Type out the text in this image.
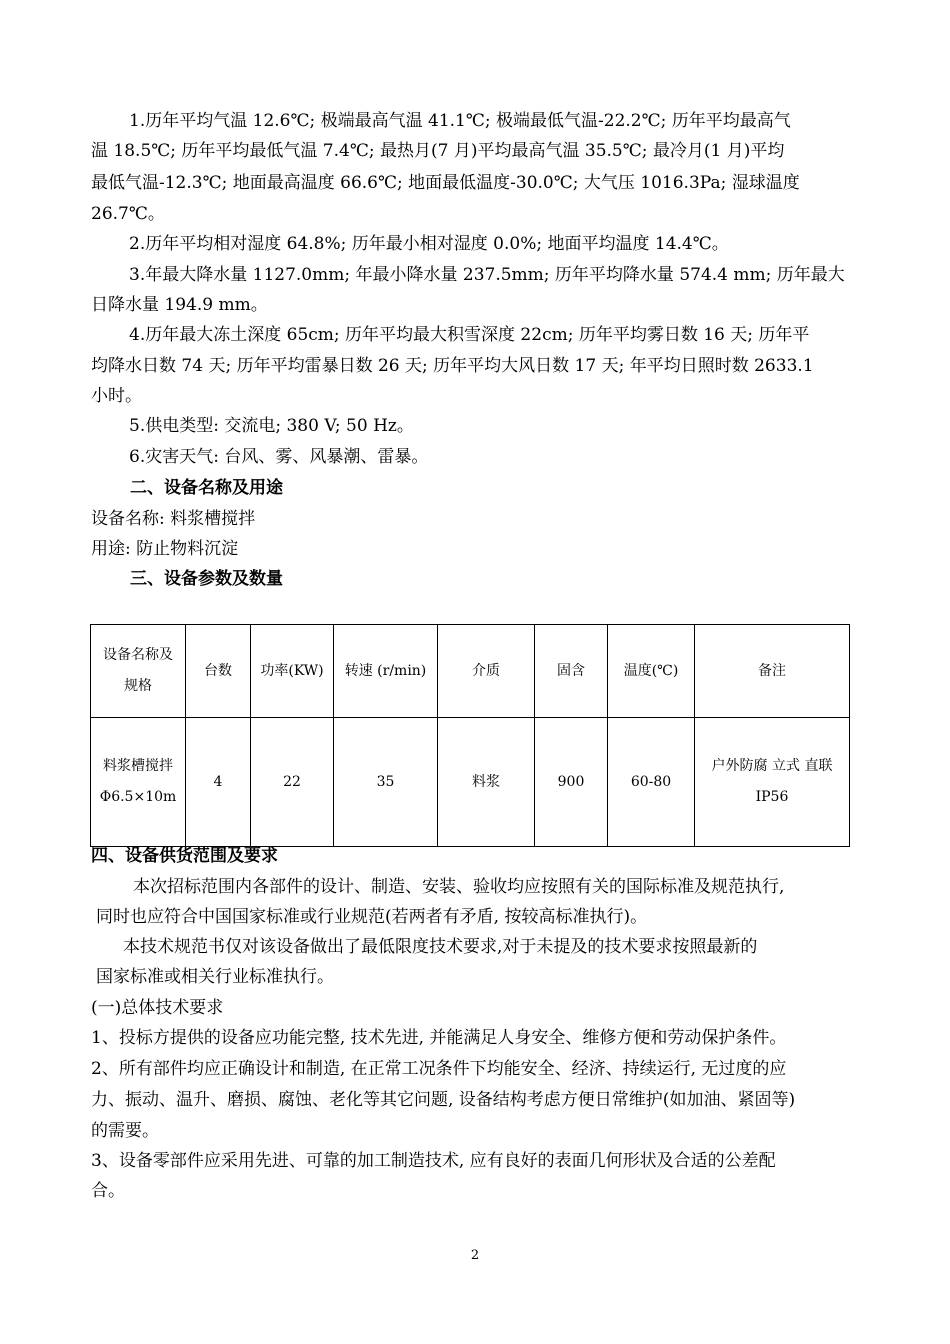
1.历年平均气温 12.6℃; 极端最高气温 41.1℃; 极端最低气温-22.2℃; 历年平均最高气
温 18.5℃; 历年平均最低气温 7.4℃; 最热月(7 月)平均最高气温 35.5℃; 最冷月(1 月)平均
最低气温-12.3℃; 地面最高温度 66.6℃; 地面最低温度-30.0℃; 大气压 1016.3Pa; 湿球温度
26.7℃。
2.历年平均相对湿度 64.8%; 历年最小相对湿度 0.0%; 地面平均温度 14.4℃。
3.年最大降水量 1127.0mm; 年最小降水量 237.5mm; 历年平均降水量 574.4 mm; 历年最大
日降水量 194.9 mm。
4.历年最大冻土深度 65cm; 历年平均最大积雪深度 22cm; 历年平均雾日数 16 天; 历年平
均降水日数 74 天; 历年平均雷暴日数 26 天; 历年平均大风日数 17 天; 年平均日照时数 2633.1
小时。
5.供电类型: 交流电; 380 V; 50 Hz。
6.灾害天气: 台风、雾、风暴潮、雷暴。
二、设备名称及用途
设备名称: 料浆槽搅拌
用途: 防止物料沉淀
三、设备参数及数量
设备名称及规格	台数	功率(KW)	转速 (r/min)	介质	固含	温度(℃)	备注
料浆槽搅拌 Φ6.5×10m	4	22	35	料浆	900	60-80	户外防腐 立式 直联 IP56
四、设备供货范围及要求
本次招标范围内各部件的设计、制造、安装、验收均应按照有关的国际标准及规范执行,
同时也应符合中国国家标准或行业规范(若两者有矛盾, 按较高标准执行)。
本技术规范书仅对该设备做出了最低限度技术要求,对于未提及的技术要求按照最新的
国家标准或相关行业标准执行。
(一)总体技术要求
1、投标方提供的设备应功能完整, 技术先进, 并能满足人身安全、维修方便和劳动保护条件。
2、所有部件均应正确设计和制造, 在正常工况条件下均能安全、经济、持续运行, 无过度的应
力、振动、温升、磨损、腐蚀、老化等其它问题, 设备结构考虑方便日常维护(如加油、紧固等)
的需要。
3、设备零部件应采用先进、可靠的加工制造技术, 应有良好的表面几何形状及合适的公差配
合。
2
